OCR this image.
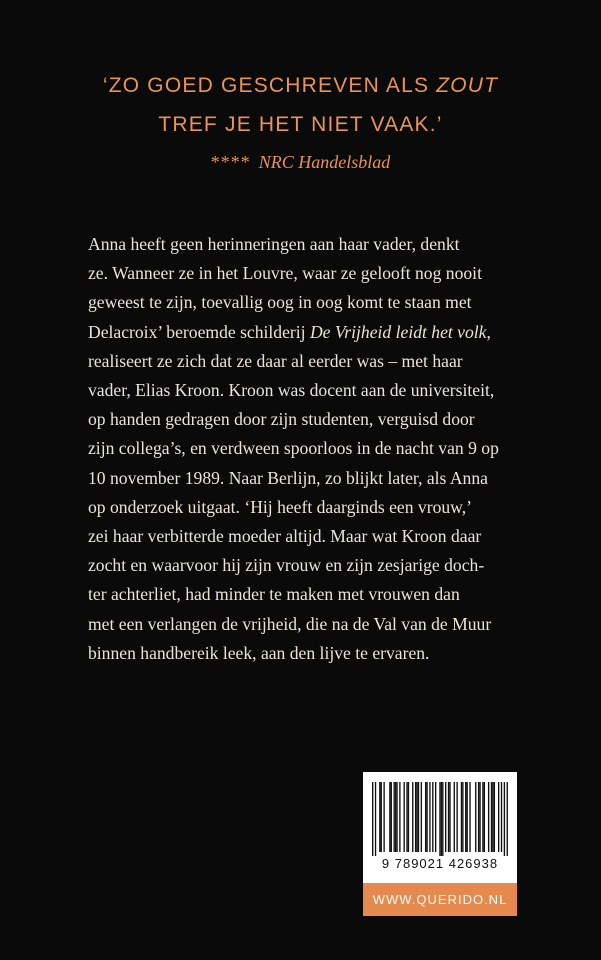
‘ZO GOED GESCHREVEN ALS ZOUT
TREF JE HET NIET VAAK.’
**** NRC Handelsblad
Anna heeft geen herinneringen aan haar vader, denkt
ze. Wanneer ze in het Louvre, waar ze gelooft nog nooit
geweest te zijn, toevallig oog in oog komt te staan met
Delacroix’ beroemde schilderij De Vrijheid leidt het volk,
realiseert ze zich dat ze daar al eerder was – met haar
vader, Elias Kroon. Kroon was docent aan de universiteit,
op handen gedragen door zijn studenten, verguisd door
zijn collega’s, en verdween spoorloos in de nacht van 9 op
10 november 1989. Naar Berlijn, zo blijkt later, als Anna
op onderzoek uitgaat. ‘Hij heeft daarginds een vrouw,’
zei haar verbitterde moeder altijd. Maar wat Kroon daar
zocht en waarvoor hij zijn vrouw en zijn zesjarige doch-
ter achterliet, had minder te maken met vrouwen dan
met een verlangen de vrijheid, die na de Val van de Muur
binnen handbereik leek, aan den lijve te ervaren.
9 789021 426938
WWW.QUERIDO.NL
